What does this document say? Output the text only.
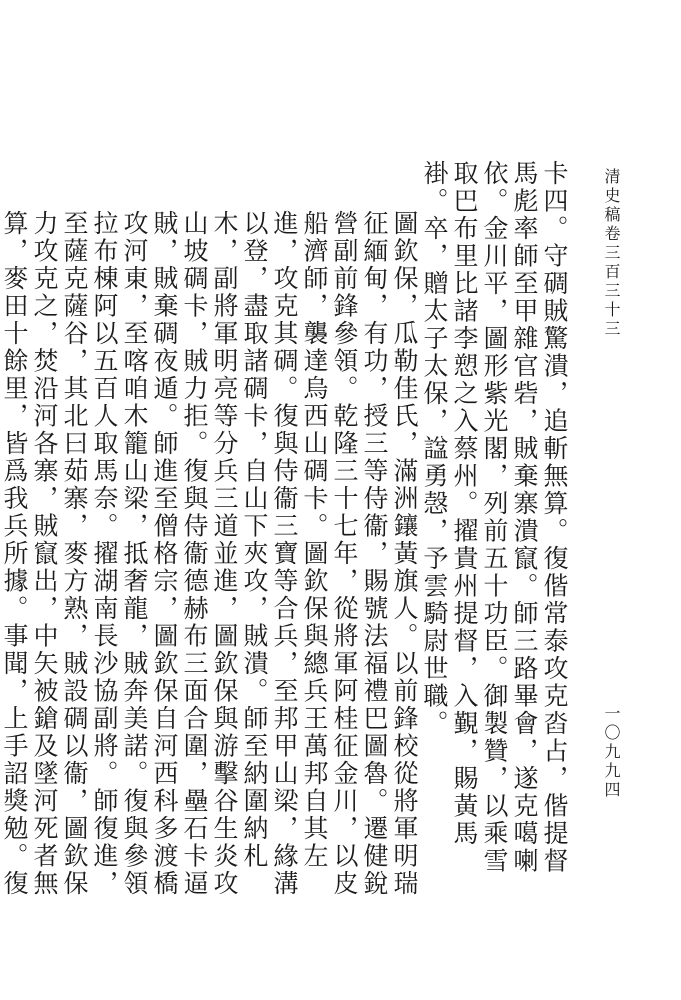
清史稿卷三百三十三
一〇九九四

卡四。守碉賊驚潰，追斬無算。復偕常泰攻克㳫占，偕提督馬彪率師至甲雜官砦，賊棄寨潰竄。師三路畢會，遂克噶喇依。金川平，圖形紫光閣，列前五十功臣。御製贊，以乘雪取巴布里比諸李愬之入蔡州。擢貴州提督，入覲，賜黃馬褂。卒，贈太子太保，諡勇愨，予雲騎尉世職。

圖欽保，瓜勒佳氏，滿洲鑲黃旗人。以前鋒校從將軍明瑞征緬甸，有功，授三等侍衞，賜號法福禮巴圖魯。遷健銳營副前鋒參領。乾隆三十七年，從將軍阿桂征金川，以皮船濟師，襲達烏西山碉卡。圖欽保與總兵王萬邦自其左進，攻克其碉。復與侍衞三寶等合兵，至邦甲山梁，緣溝以登，盡取諸碉卡，自山下夾攻，賊潰。師至納圍納札木，副將軍明亮等分兵三道並進，圖欽保與游擊谷生炎攻山坡碉卡，賊力拒。復與侍衞德赫布三面合圍，壘石卡逼賊，賊棄碉夜遁。師進至僧格宗，圖欽保自河西科多渡橋攻河東，至喀咱木籠山梁，抵奢龍，賊奔美諾。復與參領拉布棟阿以五百人取馬奈。擢湖南長沙協副將。師復進，至薩克薩谷，其北曰茹寨，麥方熟，賊設碉以衞，圖欽保力攻克之，焚沿河各寨，賊竄出，中矢被鎗及墜河死者無算，麥田十餘里，皆爲我兵所據。事聞，上手詔獎勉。復
